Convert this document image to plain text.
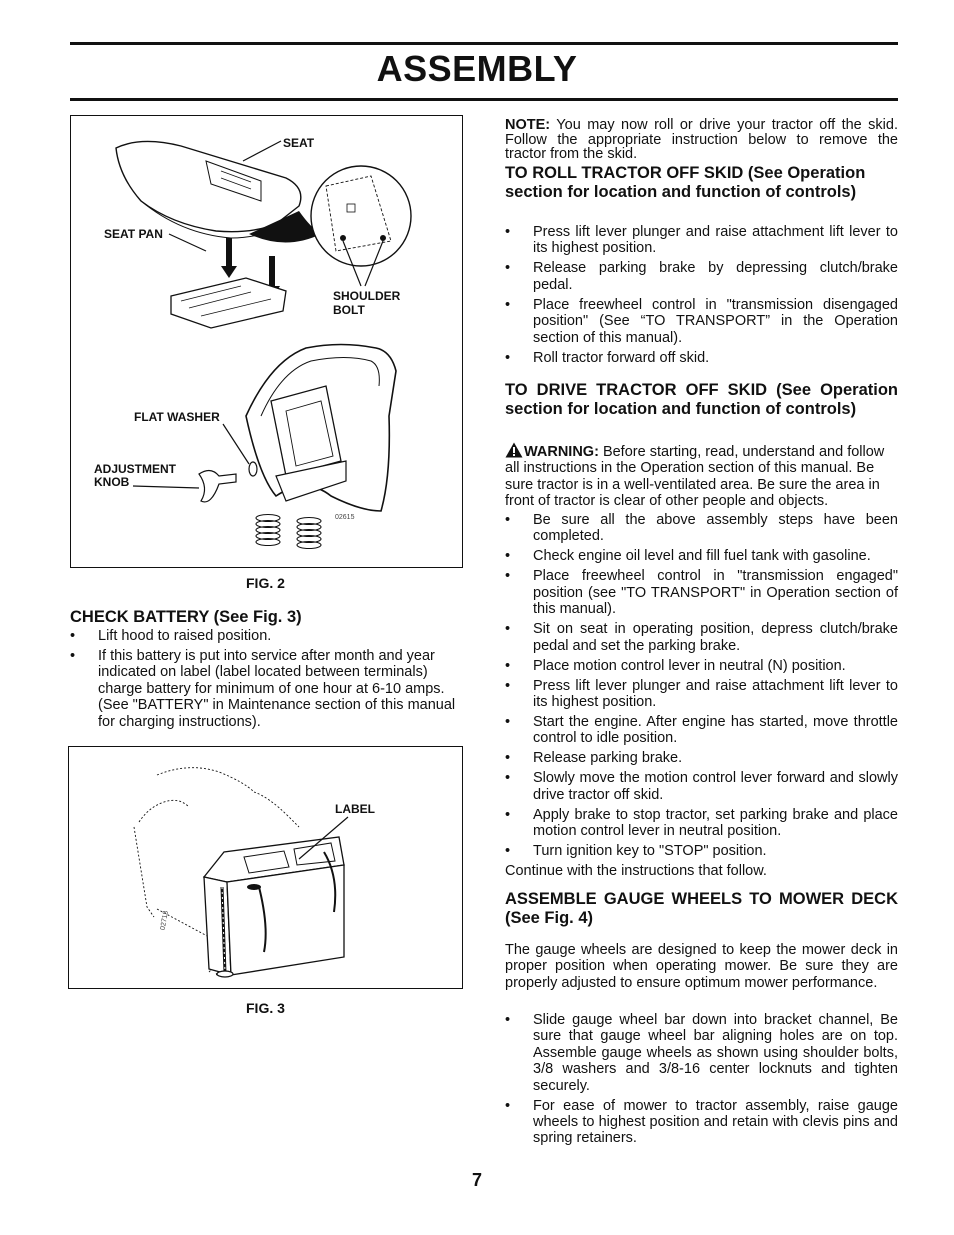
ASSEMBLY
SEAT
SEAT PAN
SHOULDER
BOLT
FLAT WASHER
ADJUSTMENT
KNOB
02615
FIG. 2
CHECK BATTERY (See Fig. 3)
• Lift hood to raised position.
• If this battery is put into service after month and year indicated on label (label located between terminals) charge battery for minimum of one hour at 6-10 amps. (See "BATTERY" in Maintenance section of this manual for charging instructions).
LABEL
02713
FIG. 3
NOTE: You may now roll or drive your tractor off the skid. Follow the appropriate instruction below to remove the tractor from the skid.
TO ROLL TRACTOR OFF SKID (See Operation section for location and function of controls)
• Press lift lever plunger and raise attachment lift lever to its highest position.
• Release parking brake by depressing clutch/brake pedal.
• Place freewheel control in "transmission disengaged position" (See “TO TRANSPORT” in the Operation section of this manual).
• Roll tractor forward off skid.
TO DRIVE TRACTOR OFF SKID (See Operation section for location and function of controls)
WARNING: Before starting, read, understand and follow all instructions in the Operation section of this manual. Be sure tractor is in a well-ventilated area. Be sure the area in front of tractor is clear of other people and objects.
• Be sure all the above assembly steps have been completed.
• Check engine oil level and fill fuel tank with gasoline.
• Place freewheel control in "transmission engaged" position (see "TO TRANSPORT" in Operation section of this manual).
• Sit on seat in operating position, depress clutch/brake pedal and set the parking brake.
• Place motion control lever in neutral (N) position.
• Press lift lever plunger and raise attachment lift lever to its highest position.
• Start the engine. After engine has started, move throttle control to idle position.
• Release parking brake.
• Slowly move the motion control lever forward and slowly drive tractor off skid.
• Apply brake to stop tractor, set parking brake and place motion control lever in neutral position.
• Turn ignition key to "STOP" position.
Continue with the instructions that follow.
ASSEMBLE GAUGE WHEELS TO MOWER DECK (See Fig. 4)
The gauge wheels are designed to keep the mower deck in proper position when operating mower. Be sure they are properly adjusted to ensure optimum mower performance.
• Slide gauge wheel bar down into bracket channel, Be sure that gauge wheel bar aligning holes are on top. Assemble gauge wheels as shown using shoulder bolts, 3/8 washers and 3/8-16 center locknuts and tighten securely.
• For ease of mower to tractor assembly, raise gauge wheels to highest position and retain with clevis pins and spring retainers.
7
